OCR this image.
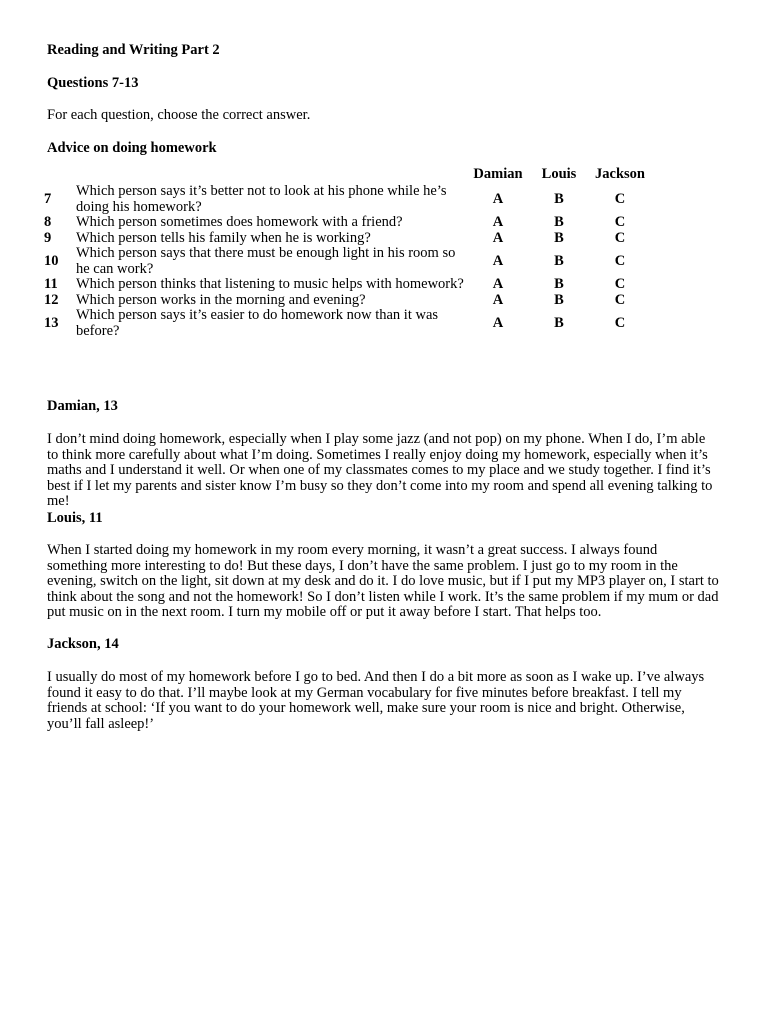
Reading and Writing Part 2

Questions 7-13

For each question, choose the correct answer.

Advice on doing homework

		Damian	Louis	Jackson
7	Which person says it’s better not to look at his phone while he’s doing his homework?	A	B	C
8	Which person sometimes does homework with a friend?	A	B	C
9	Which person tells his family when he is working?	A	B	C
10	Which person says that there must be enough light in his room so he can work?	A	B	C
11	Which person thinks that listening to music helps with homework?	A	B	C
12	Which person works in the morning and evening?	A	B	C
13	Which person says it’s easier to do homework now than it was before?	A	B	C

Damian, 13

I don’t mind doing homework, especially when I play some jazz (and not pop) on my phone. When I do, I’m able to think more carefully about what I’m doing. Sometimes I really enjoy doing my homework, especially when it’s maths and I understand it well. Or when one of my classmates comes to my place and we study together. I find it’s best if I let my parents and sister know I’m busy so they don’t come into my room and spend all evening talking to me!

Louis, 11

When I started doing my homework in my room every morning, it wasn’t a great success. I always found something more interesting to do! But these days, I don’t have the same problem. I just go to my room in the evening, switch on the light, sit down at my desk and do it. I do love music, but if I put my MP3 player on, I start to think about the song and not the homework! So I don’t listen while I work. It’s the same problem if my mum or dad put music on in the next room. I turn my mobile off or put it away before I start. That helps too.

Jackson, 14

I usually do most of my homework before I go to bed. And then I do a bit more as soon as I wake up. I’ve always found it easy to do that. I’ll maybe look at my German vocabulary for five minutes before breakfast. I tell my friends at school: ‘If you want to do your homework well, make sure your room is nice and bright. Otherwise, you’ll fall asleep!’
